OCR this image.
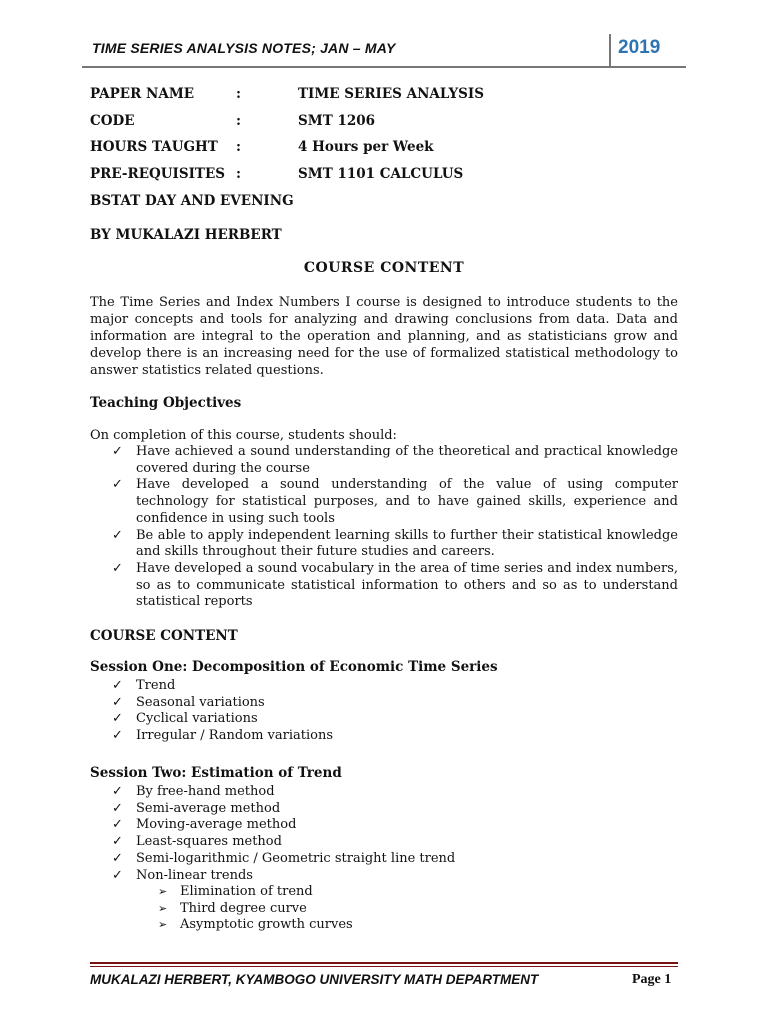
TIME SERIES ANALYSIS NOTES; JAN – MAY	2019
PAPER NAME	:	TIME SERIES ANALYSIS
CODE	:	SMT 1206
HOURS TAUGHT :	4 Hours per Week
PRE-REQUISITES :	SMT 1101 CALCULUS
BSTAT DAY AND EVENING
BY MUKALAZI HERBERT
COURSE CONTENT
The Time Series and Index Numbers I course is designed to introduce students to the major concepts and tools for analyzing and drawing conclusions from data. Data and information are integral to the operation and planning, and as statisticians grow and develop there is an increasing need for the use of formalized statistical methodology to answer statistics related questions.
Teaching Objectives
On completion of this course, students should:
✓ Have achieved a sound understanding of the theoretical and practical knowledge covered during the course
✓ Have developed a sound understanding of the value of using computer technology for statistical purposes, and to have gained skills, experience and confidence in using such tools
✓ Be able to apply independent learning skills to further their statistical knowledge and skills throughout their future studies and careers.
✓ Have developed a sound vocabulary in the area of time series and index numbers, so as to communicate statistical information to others and so as to understand statistical reports
COURSE CONTENT
Session One: Decomposition of Economic Time Series
✓ Trend
✓ Seasonal variations
✓ Cyclical variations
✓ Irregular / Random variations
Session Two: Estimation of Trend
✓ By free-hand method
✓ Semi-average method
✓ Moving-average method
✓ Least-squares method
✓ Semi-logarithmic / Geometric straight line trend
✓ Non-linear trends
➢ Elimination of trend
➢ Third degree curve
➢ Asymptotic growth curves
MUKALAZI HERBERT, KYAMBOGO UNIVERSITY MATH DEPARTMENT	Page 1
